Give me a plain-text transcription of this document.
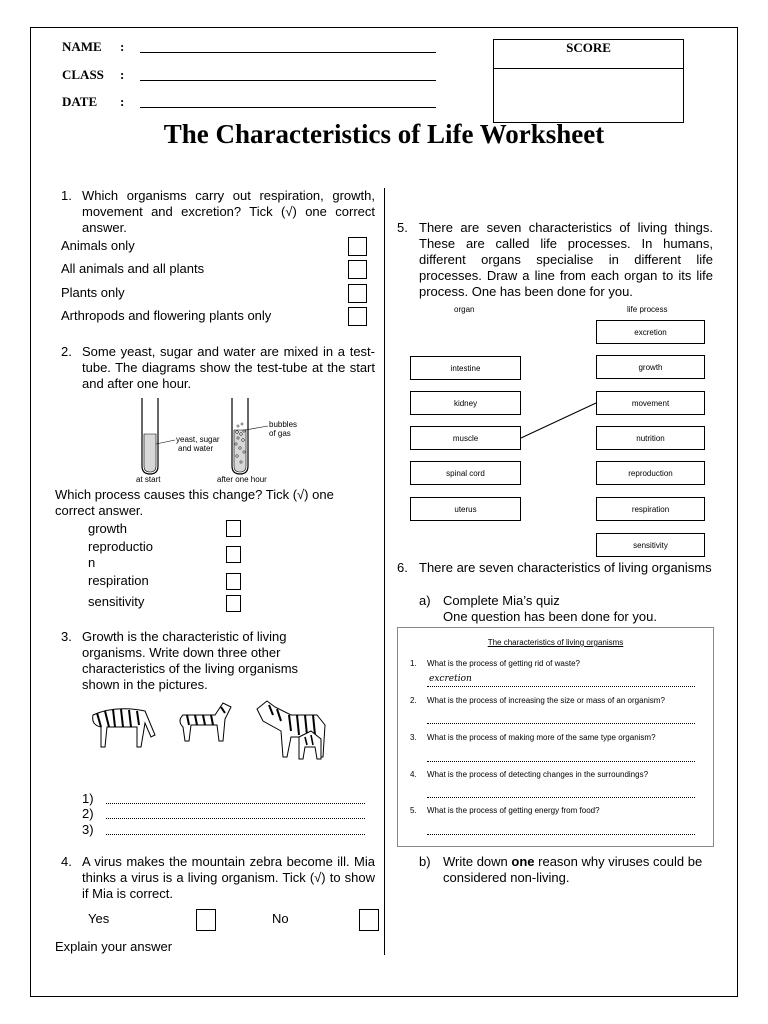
NAME :
CLASS :
DATE :
SCORE
The Characteristics of Life Worksheet
1. Which organisms carry out respiration, growth, movement and excretion? Tick (√) one correct answer.
Animals only
All animals and all plants
Plants only
Arthropods and flowering plants only
2. Some yeast, sugar and water are mixed in a test-tube. The diagrams show the test-tube at the start and after one hour.
yeast, sugar
and water
bubbles
of gas
at start	after one hour
Which process causes this change? Tick (√) one correct answer.
growth
reproductio
n
respiration
sensitivity
3. Growth is the characteristic of living organisms. Write down three other characteristics of the living organisms shown in the pictures.
1)
2)
3)
4. A virus makes the mountain zebra become ill. Mia thinks a virus is a living organism. Tick (√) to show if Mia is correct.
Yes	No
Explain your answer
5. There are seven characteristics of living things. These are called life processes. In humans, different organs specialise in different life processes. Draw a line from each organ to its life process. One has been done for you.
organ	life process
intestine
kidney
muscle
spinal cord
uterus
excretion
growth
movement
nutrition
reproduction
respiration
sensitivity
6. There are seven characteristics of living organisms
a) Complete Mia’s quiz
One question has been done for you.
The characteristics of living organisms
1. What is the process of getting rid of waste?
excretion
2. What is the process of increasing the size or mass of an organism?
3. What is the process of making more of the same type organism?
4. What is the process of detecting changes in the surroundings?
5. What is the process of getting energy from food?
b) Write down one reason why viruses could be considered non-living.
